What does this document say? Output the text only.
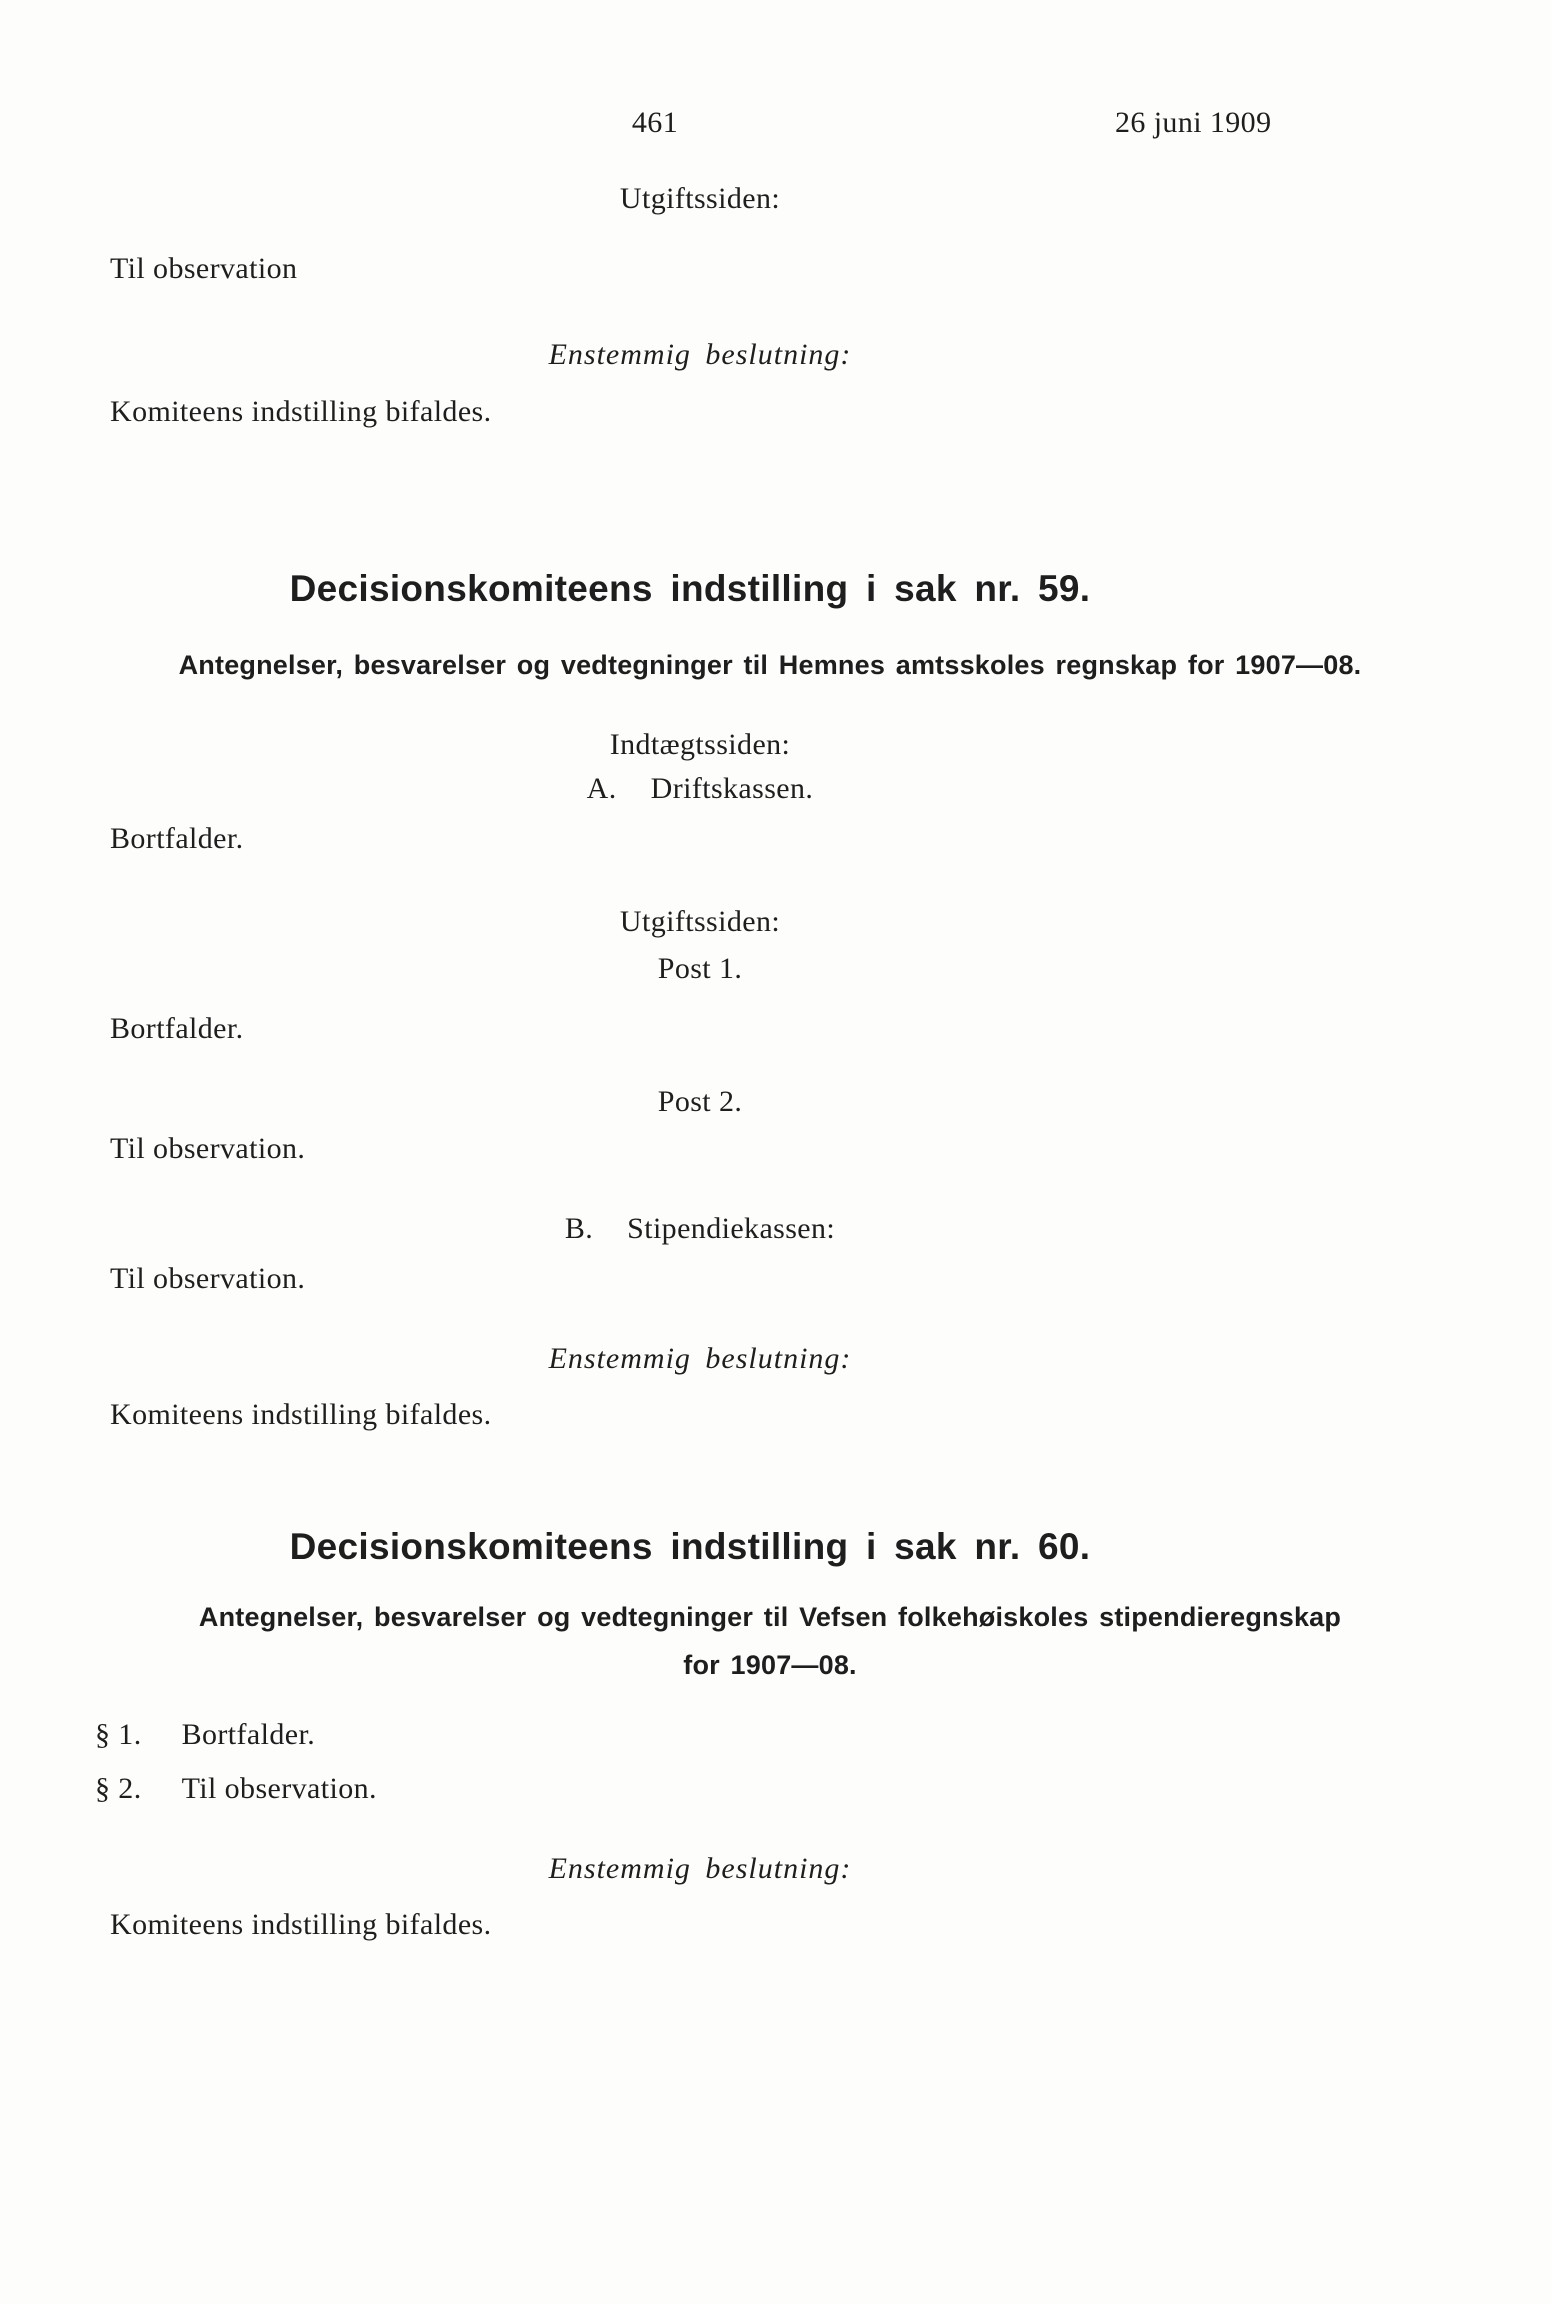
461	26 juni 1909
Utgiftssiden:
Til observation
Enstemmig beslutning:
Komiteens indstilling bifaldes.
Decisionskomiteens indstilling i sak nr. 59.
Antegnelser, besvarelser og vedtegninger til Hemnes amtsskoles regnskap for 1907—08.
Indtægtssiden:
A. Driftskassen.
Bortfalder.
Utgiftssiden:
Post 1.
Bortfalder.
Post 2.
Til observation.
B. Stipendiekassen:
Til observation.
Enstemmig beslutning:
Komiteens indstilling bifaldes.
Decisionskomiteens indstilling i sak nr. 60.
Antegnelser, besvarelser og vedtegninger til Vefsen folkehøiskoles stipendieregnskap
for 1907—08.
§ 1. Bortfalder.
§ 2. Til observation.
Enstemmig beslutning:
Komiteens indstilling bifaldes.
